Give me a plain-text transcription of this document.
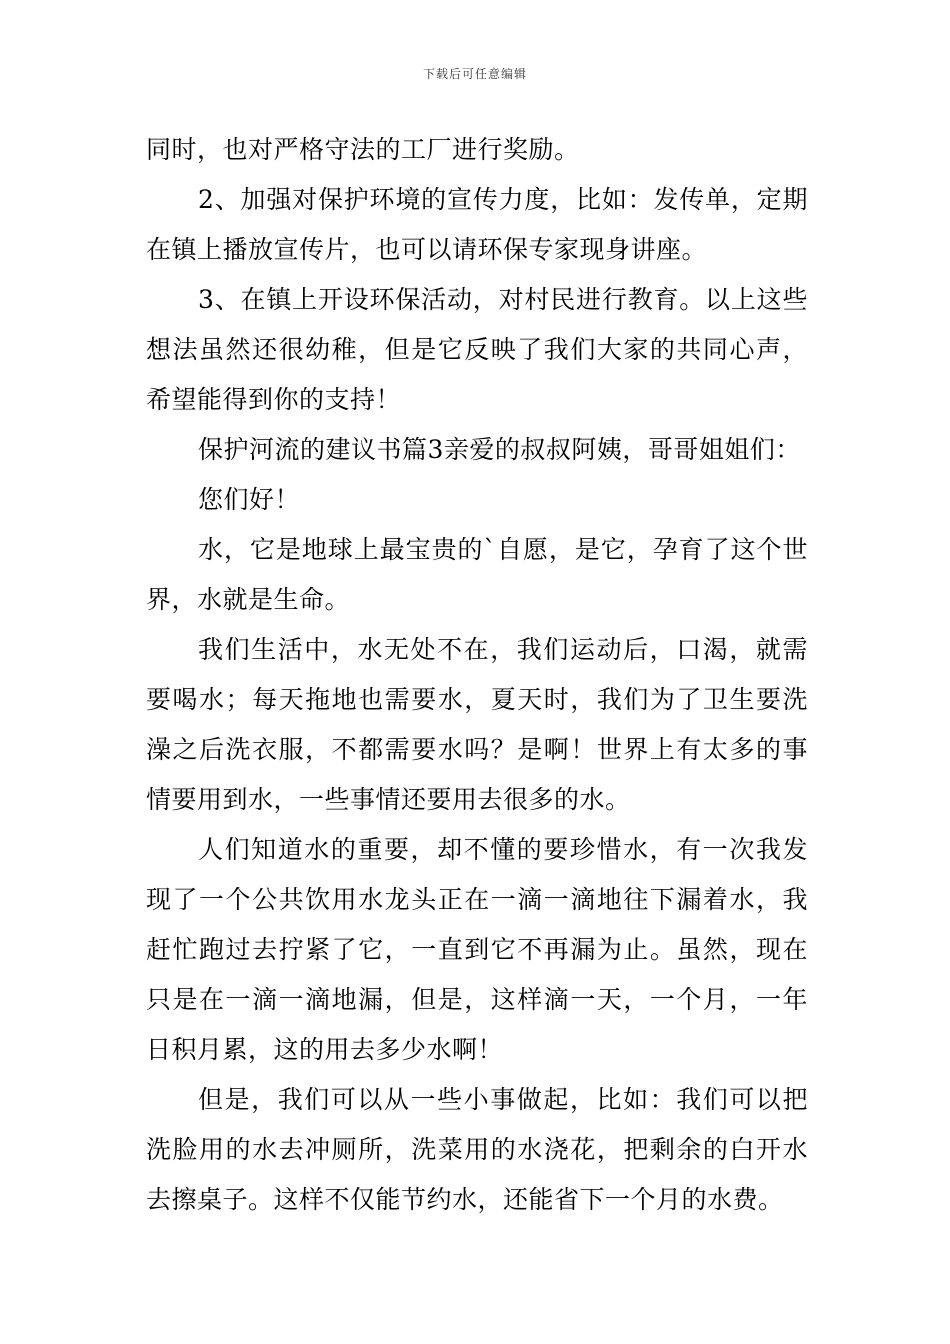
下载后可任意编辑

同时，也对严格守法的工厂进行奖励。

2、加强对保护环境的宣传力度，比如：发传单，定期在镇上播放宣传片，也可以请环保专家现身讲座。

3、在镇上开设环保活动，对村民进行教育。以上这些想法虽然还很幼稚，但是它反映了我们大家的共同心声，希望能得到你的支持！

保护河流的建议书篇3亲爱的叔叔阿姨，哥哥姐姐们：

您们好！

水，它是地球上最宝贵的`自愿，是它，孕育了这个世界，水就是生命。

我们生活中，水无处不在，我们运动后，口渴，就需要喝水；每天拖地也需要水，夏天时，我们为了卫生要洗澡之后洗衣服，不都需要水吗？是啊！世界上有太多的事情要用到水，一些事情还要用去很多的水。

人们知道水的重要，却不懂的要珍惜水，有一次我发现了一个公共饮用水龙头正在一滴一滴地往下漏着水，我赶忙跑过去拧紧了它，一直到它不再漏为止。虽然，现在只是在一滴一滴地漏，但是，这样滴一天，一个月，一年日积月累，这的用去多少水啊！

但是，我们可以从一些小事做起，比如：我们可以把洗脸用的水去冲厕所，洗菜用的水浇花，把剩余的白开水去擦桌子。这样不仅能节约水，还能省下一个月的水费。
